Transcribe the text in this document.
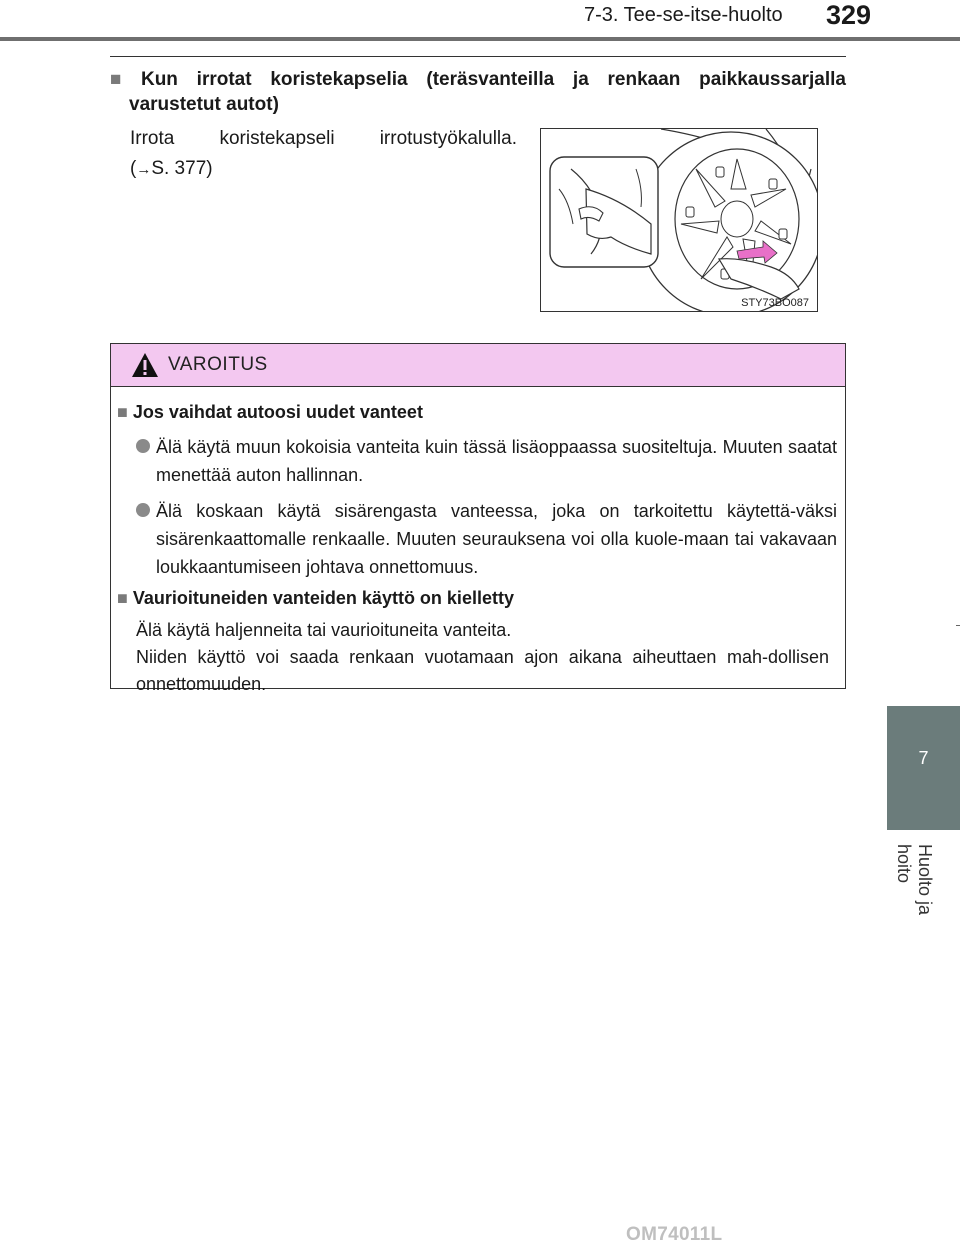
7-3. Tee-se-itse-huolto 329
■ Kun irrotat koristekapselia (teräsvanteilla ja renkaan paikkaussarjalla varustetut autot)
Irrota koristekapseli irrotustyökalulla.
(→S. 377)
STY73BO087
VAROITUS
■ Jos vaihdat autoosi uudet vanteet
Älä käytä muun kokoisia vanteita kuin tässä lisäoppaassa suositeltuja. Muuten saatat menettää auton hallinnan.
Älä koskaan käytä sisärengasta vanteessa, joka on tarkoitettu käytettä-väksi sisärenkaattomalle renkaalle. Muuten seurauksena voi olla kuole-maan tai vakavaan loukkaantumiseen johtava onnettomuus.
■ Vaurioituneiden vanteiden käyttö on kielletty
Älä käytä haljenneita tai vaurioituneita vanteita.
Niiden käyttö voi saada renkaan vuotamaan ajon aikana aiheuttaen mah-dollisen onnettomuuden.
7
Huolto ja hoito
OM74011L
